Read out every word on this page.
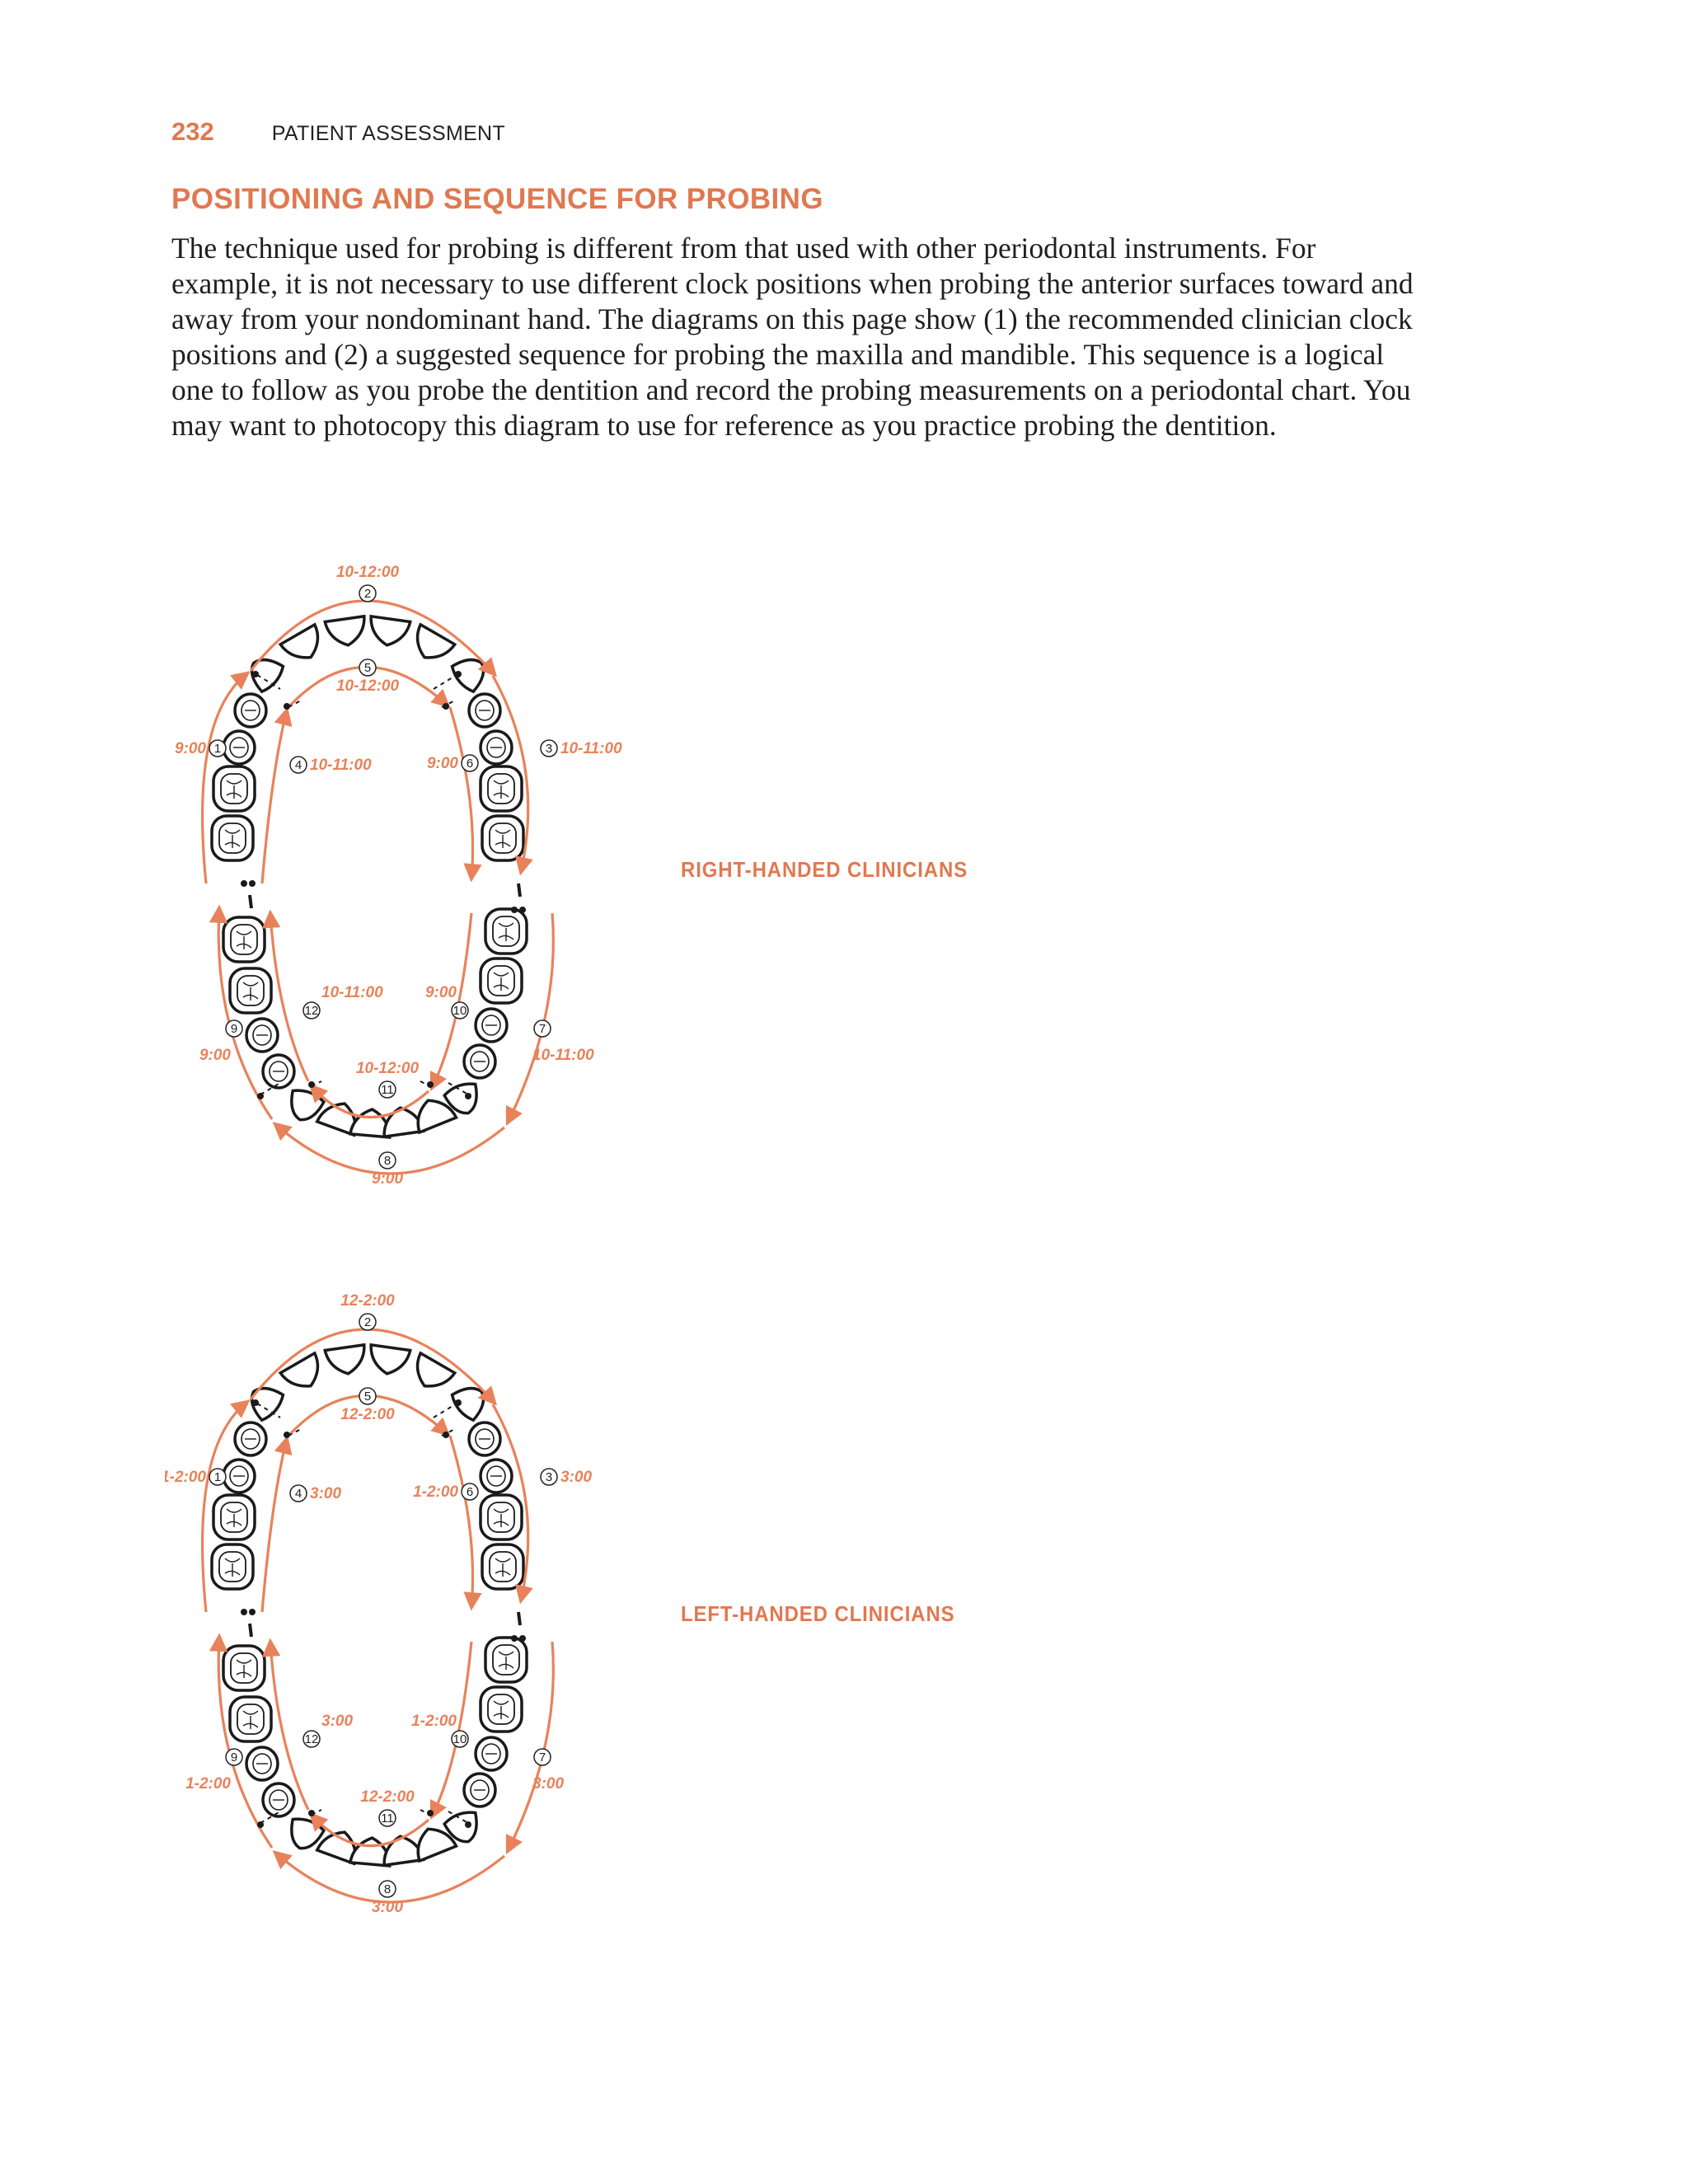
232	PATIENT ASSESSMENT
POSITIONING AND SEQUENCE FOR PROBING

The technique used for probing is different from that used with other periodontal instruments. For example, it is not necessary to use different clock positions when probing the anterior surfaces toward and away from your nondominant hand. The diagrams on this page show (1) the recommended clinician clock positions and (2) a suggested sequence for probing the maxilla and mandible. This sequence is a logical one to follow as you probe the dentition and record the probing measurements on a periodontal chart. You may want to photocopy this diagram to use for reference as you practice probing the dentition.

1
2
3
4
5
6
7
8
9
10
11
12
9:00
10-12:00
10-11:00
10-11:00
10-12:00
9:00
10-11:00
9:00
9:00
9:00
10-12:00
10-11:00
RIGHT-HANDED CLINICIANS
1
2
3
4
5
6
7
8
9
10
11
12
1-2:00
12-2:00
3:00
3:00
12-2:00
1-2:00
3:00
3:00
1-2:00
1-2:00
12-2:00
3:00
LEFT-HANDED CLINICIANS
